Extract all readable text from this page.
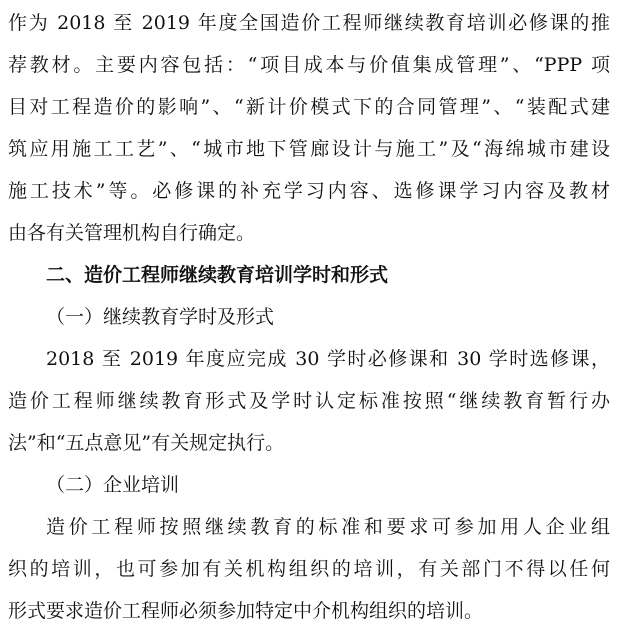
作为 2018 至 2019 年度全国造价工程师继续教育培训必修课的推
荐教材。主要内容包括：“项目成本与价值集成管理”、“PPP 项
目对工程造价的影响”、“新计价模式下的合同管理”、“装配式建
筑应用施工工艺”、“城市地下管廊设计与施工”及“海绵城市建设
施工技术”等。必修课的补充学习内容、选修课学习内容及教材
由各有关管理机构自行确定。
二、造价工程师继续教育培训学时和形式
（一）继续教育学时及形式
2018 至 2019 年度应完成 30 学时必修课和 30 学时选修课，
造价工程师继续教育形式及学时认定标准按照“继续教育暂行办
法”和“五点意见”有关规定执行。
（二）企业培训
造价工程师按照继续教育的标准和要求可参加用人企业组
织的培训，也可参加有关机构组织的培训，有关部门不得以任何
形式要求造价工程师必须参加特定中介机构组织的培训。
